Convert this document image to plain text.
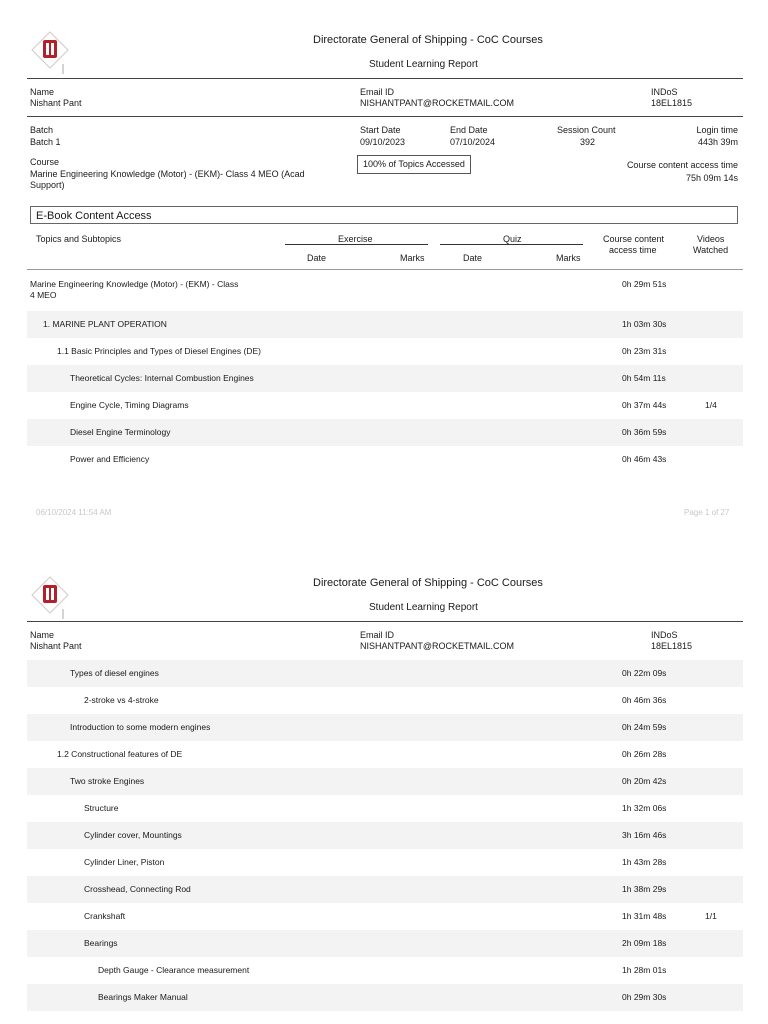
Directorate General of Shipping - CoC Courses
Student Learning Report
Name
Nishant Pant
Email ID
NISHANTPANT@ROCKETMAIL.COM
INDoS
18EL1815
Batch
Batch 1
Start Date
09/10/2023
End Date
07/10/2024
Session Count
392
Login time
443h 39m
Course
Marine Engineering Knowledge (Motor) - (EKM)- Class 4 MEO (Acad
Support)
100% of Topics Accessed	Course content access time
75h 09m 14s
E-Book Content Access
Topics and Subtopics	Exercise	Quiz
Date	Marks	Date	Marks
Course content
access time
Videos
Watched
Marine Engineering Knowledge (Motor) - (EKM) - Class
4 MEO
0h 29m 51s
1. MARINE PLANT OPERATION	1h 03m 30s
1.1 Basic Principles and Types of Diesel Engines (DE)	0h 23m 31s
Theoretical Cycles: Internal Combustion Engines	0h 54m 11s
Engine Cycle, Timing Diagrams	0h 37m 44s	1/4
Diesel Engine Terminology	0h 36m 59s
Power and Efficiency	0h 46m 43s
06/10/2024 11:54 AM	Page 1 of 27
Directorate General of Shipping - CoC Courses
Student Learning Report
Name
Nishant Pant
Email ID
NISHANTPANT@ROCKETMAIL.COM
INDoS
18EL1815
Types of diesel engines	0h 22m 09s
2-stroke vs 4-stroke	0h 46m 36s
Introduction to some modern engines	0h 24m 59s
1.2 Constructional features of DE	0h 26m 28s
Two stroke Engines	0h 20m 42s
Structure	1h 32m 06s
Cylinder cover, Mountings	3h 16m 46s
Cylinder Liner, Piston	1h 43m 28s
Crosshead, Connecting Rod	1h 38m 29s
Crankshaft	1h 31m 48s	1/1
Bearings	2h 09m 18s
Depth Gauge - Clearance measurement	1h 28m 01s
Bearings Maker Manual	0h 29m 30s
